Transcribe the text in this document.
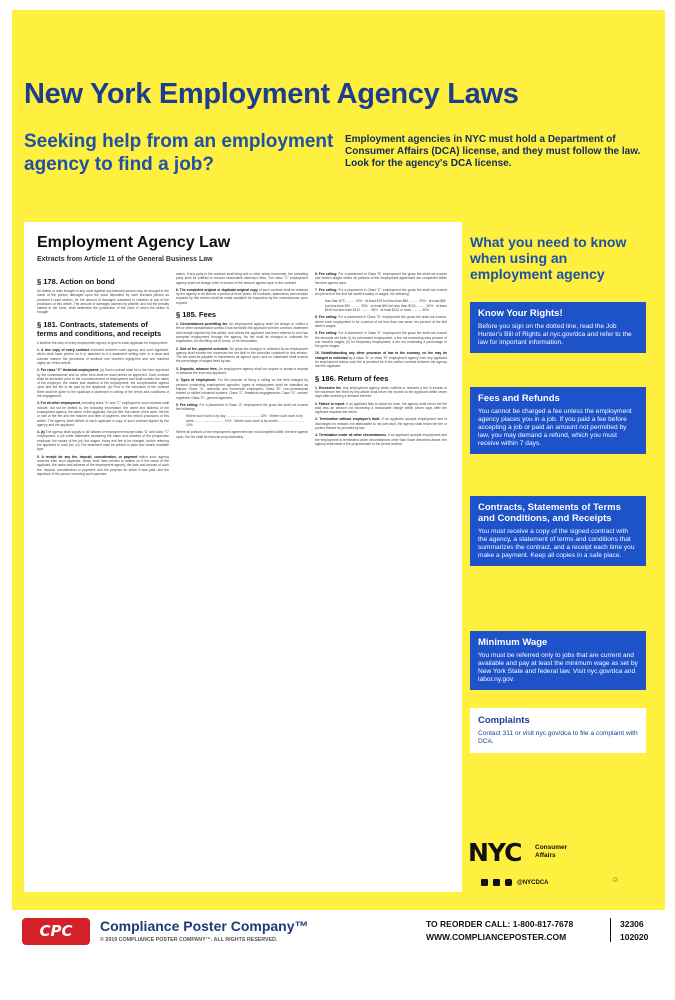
New York Employment Agency Laws
Seeking help from an employment agency to find a job?
Employment agencies in NYC must hold a Department of Consumer Affairs (DCA) license, and they must follow the law. Look for the agency's DCA license.
Employment Agency Law
Extracts from Article 11 of the General Business Law
§ 178. Action on bond

All claims or suits brought in any court against any licensed person may be brought in the name of the person damaged upon the bond deposited by such licensed person as provided in said section, for the amount of damages sustained in violation of any of the provisions of this article. The amount of damages claimed by plaintiff, and not the penalty named in the bond, shall determine the jurisdiction of the court in which the action is brought.

§ 181. Contracts, statements of terms and conditions, and receipts

It shall be the duty of every employment agency to give to each applicant for employment:

1. A true copy of every contract executed between such agency and such applicant, which shall have printed on it or attached to it a statement setting forth in a clear and concise manner the provisions of sections one hundred eighty-five and one hundred eighty-six of this article.

2. For class "C" theatrical employment: (a) Such contract shall be in the form approved by the commissioner and no other form shall be used unless so approved. Such contract shall be furnished prior to the commencement of employment and shall contain the name of the employer, the nature and duration of the employment, the compensation agreed upon and the fee to be paid by the applicant. (b) Prior to the execution of the contract there shall be given to the applicant a statement in writing of the terms and conditions of the engagement.

3. For all other employment, including class "A" and "C" employment, such contract shall include, but not be limited to, the following information: the name and address of the employment agency, the name of the applicant, the job title, the nature of the work, the fee or rate of the fee and the manner and time of payment, and the refund provisions of this article. The agency shall deliver to each applicant a copy of such contract signed by the agency and the applicant.

4. (a) The agency shall supply to all classes of employment except class "A" and class "C" employment, a job order statement containing the name and address of the prospective employer, the nature of the job, the wages, hours and fee to be charged, before referring the applicant to such job. (b) The statement shall be printed in plain and clearly readable type.

5. A receipt for any fee, deposit, consideration, or payment which such agency receives from such applicant, which shall have printed or written on it the name of the applicant, the name and address of the employment agency, the date and amount of such fee, deposit, consideration or payment, and the purpose for which it was paid, and the signature of the person receiving such payment.

action. If any party to the contract shall bring suit or other action hereunder, the prevailing party shall be entitled to recover reasonable attorney's fees. The class "C" employment agency shall not charge a fee in excess of the amount agreed upon in the contract.

6. The completed original or duplicate-original copy of such contract shall be retained by the agency in its files for a period of three years. All contracts, statements and receipts required by this section shall be made available for inspection by the commissioner upon request.

§ 185. Fees

1. Circumstances permitting fee. An employment agency shall not charge or collect a fee or other consideration unless it has furnished the applicant with the contract, statement and receipt required by this article, and unless the applicant has been referred to and has accepted employment through the agency. No fee shall be charged or collected for registration, for the filling out of forms, or for information.

2. Size of fee; payment schedule. No gross fee charged or collected by an employment agency shall exceed the maximum fee set forth in the schedule contained in this section. The fee shall be payable in instalments as agreed upon, and no instalment shall exceed the percentage of wages fixed by law.

3. Deposits, advance fees. An employment agency shall not require or accept a deposit or advance fee from any applicant.

4. Types of employment. For the purpose of fixing a ceiling on the fees charged by persons conducting employment agencies, types of employment shall be classified as follows: Class "A", domestic and household employees; Class "B", non-professional trained or skilled industrial workers; Class "C", theatrical engagements; Class "D", nurses' registries; Class "E", general agencies.

5. Fee ceiling: For a placement in Class "A" employment the gross fee shall not exceed the following:

Where such work is by day .................................... 10% · Where such work is by week ................................ 10% · Where such work is by month ............................. 10%

Where all portions of the employment agreement are not completed within the time agreed upon, the fee shall be reduced proportionately.

6. Fee ceiling: For a placement in Class "B" employment the gross fee shall not exceed one week's wages where all portions of the employment agreement are completed within the time agreed upon.

7. Fee ceiling: For a placement in Class "C" employment the gross fee shall not exceed ten percent of the first full month's salary or wages, the following:

less than $75 .......... 15% · at least $75 but less than $80 .......... 20% · at least $80 but less than $90 .......... 25% · at least $90 but less than $100 .......... 30% · at least $100 but less than $110 .......... 35% · at least $110 or more .......... 40%

8. Fee ceiling: For a placement in Class "D" employment the gross fee shall not exceed, where such employment is for a period of not less than one week, ten percent of the first week's wages.

9. Fee ceiling: For a placement in Class "E" employment the gross fee shall not exceed the amounts set forth: (i) for permanent employment, a fee not exceeding sixty percent of one month's wages; (ii) for temporary employment, a fee not exceeding a percentage of the gross wages.

10. Notwithstanding any other provision of law to the contrary, no fee may be charged or collected by a class "A" or class "B" employment agency from any applicant for employment unless such fee is provided for in the written contract between the agency and the applicant.

§ 186. Return of fees

1. Excessive fee. Any employment agency which collects or receives a fee in excess of the maximum fee fixed by this article shall return the excess to the applicant within seven days after receiving a demand therefor.

2. Failure to report. If an applicant fails to report for work, the agency shall return the fee paid less an amount not exceeding a reasonable charge within seven days after the applicant requests the return.

3. Termination without employee's fault. If an applicant accepts employment and is discharged for reasons not attributable to his own fault, the agency shall return the fee or portion thereof as provided by law.

4. Termination under all other circumstances. If an applicant accepts employment and the employment is terminated under circumstances other than those described above, the agency shall retain a fee proportionate to the period worked.

What you need to know when using an employment agency
Know Your Rights!
Before you sign on the dotted line, read the Job Hunter's Bill of Rights at nyc.gov/dca and refer to the law for important information.
Fees and Refunds
You cannot be charged a fee unless the employment agency places you in a job. If you paid a fee before accepting a job or paid an amount not permitted by law, you may demand a refund, which you must receive within 7 days.
Contracts, Statements of Terms and Conditions, and Receipts
You must receive a copy of the signed contract with the agency, a statement of terms and conditions that summarizes the contract, and a receipt each time you make a payment. Keep all copies in a safe place.
Minimum Wage
You must be referred only to jobs that are current and available and pay at least the minimum wage as set by New York State and federal law. Visit nyc.gov/dca and labor.ny.gov.
Complaints
Contact 311 or visit nyc.gov/dca to file a complaint with DCA.
NYC Consumer
Affairs
@NYCDCA	♲
CPC	Compliance Poster Company™
© 2019 COMPLIANCE POSTER COMPANY™. ALL RIGHTS RESERVED.
TO REORDER CALL: 1-800-817-7678
WWW.COMPLIANCEPOSTER.COM
32306
102020
